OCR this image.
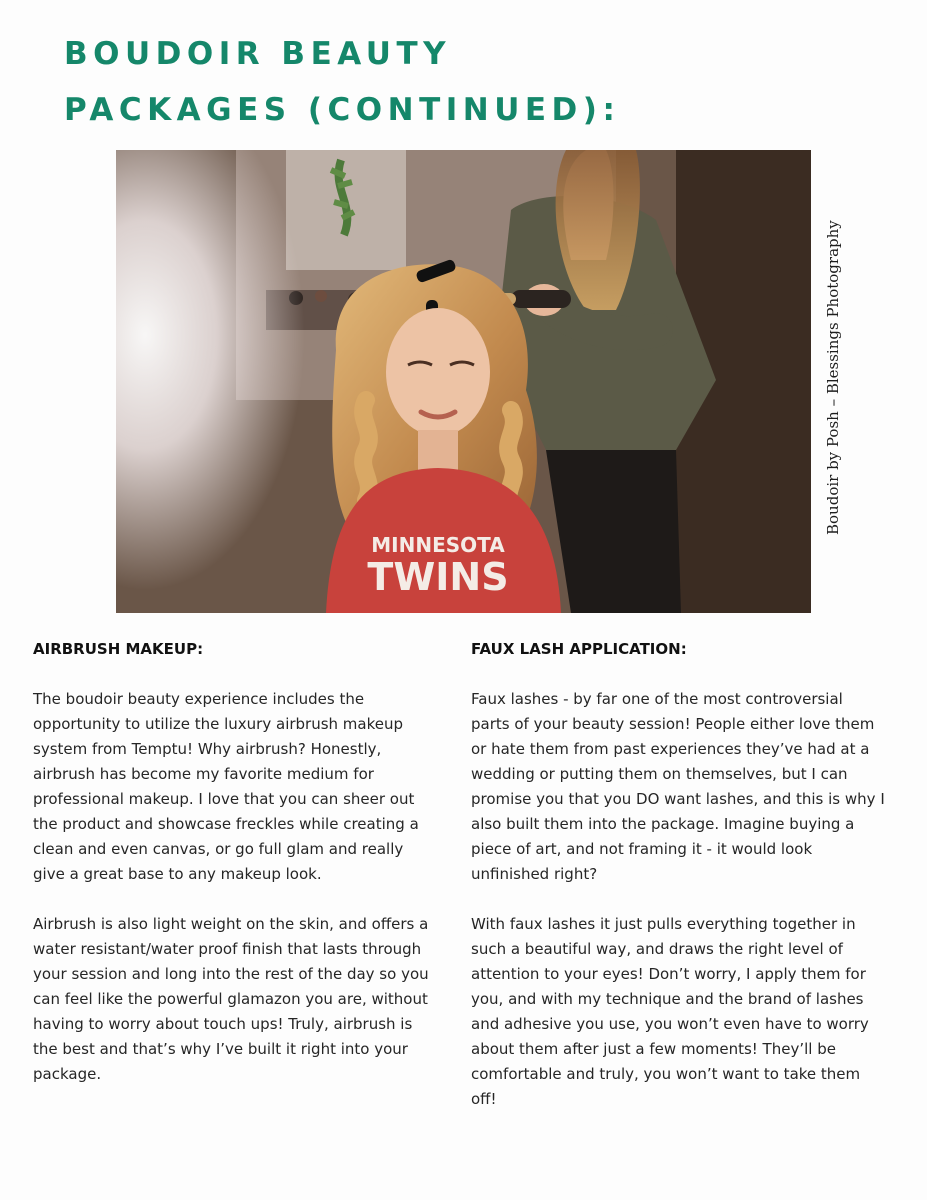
BOUDOIR BEAUTY
PACKAGES (CONTINUED):
MINNESOTA
TWINS
Boudoir by Posh – Blessings Photography
AIRBRUSH MAKEUP:

The boudoir beauty experience includes the opportunity to utilize the luxury airbrush makeup system from Temptu! Why airbrush? Honestly, airbrush has become my favorite medium for professional makeup. I love that you can sheer out the product and showcase freckles while creating a clean and even canvas, or go full glam and really give a great base to any makeup look.

Airbrush is also light weight on the skin, and offers a water resistant/water proof finish that lasts through your session and long into the rest of the day so you can feel like the powerful glamazon you are, without having to worry about touch ups! Truly, airbrush is the best and that’s why I’ve built it right into your package.

FAUX LASH APPLICATION:

Faux lashes - by far one of the most controversial parts of your beauty session! People either love them or hate them from past experiences they’ve had at a wedding or putting them on themselves, but I can promise you that you DO want lashes, and this is why I also built them into the package. Imagine buying a piece of art, and not framing it - it would look unfinished right?

With faux lashes it just pulls everything together in such a beautiful way, and draws the right level of attention to your eyes! Don’t worry, I apply them for you, and with my technique and the brand of lashes and adhesive you use, you won’t even have to worry about them after just a few moments! They’ll be comfortable and truly, you won’t want to take them off!
